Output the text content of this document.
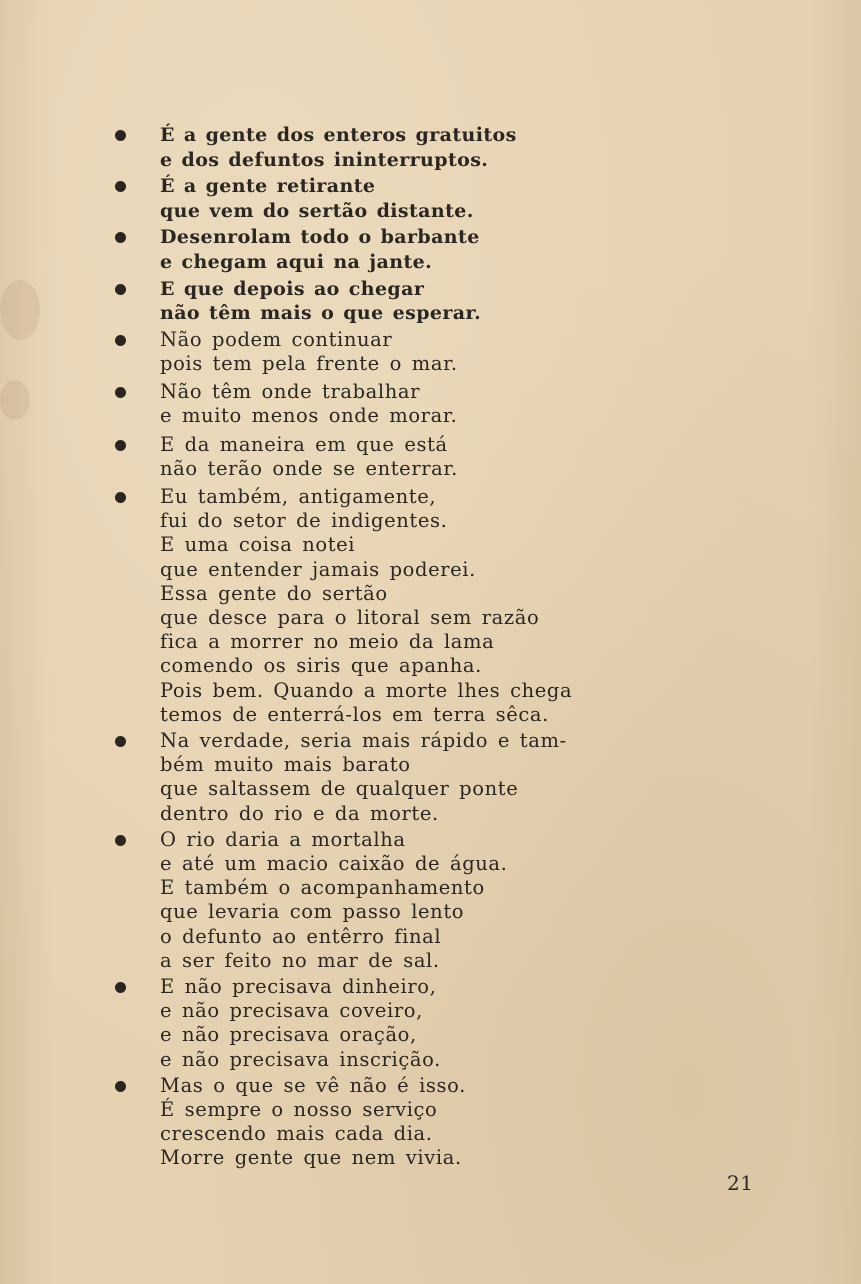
É a gente dos enteros gratuitos
e dos defuntos ininterruptos.
É a gente retirante
que vem do sertão distante.
Desenrolam todo o barbante
e chegam aqui na jante.
E que depois ao chegar
não têm mais o que esperar.
Não podem continuar
pois tem pela frente o mar.
Não têm onde trabalhar
e muito menos onde morar.
E da maneira em que está
não terão onde se enterrar.
Eu também, antigamente,
fui do setor de indigentes.
E uma coisa notei
que entender jamais poderei.
Essa gente do sertão
que desce para o litoral sem razão
fica a morrer no meio da lama
comendo os siris que apanha.
Pois bem. Quando a morte lhes chega
temos de enterrá-los em terra sêca.
Na verdade, seria mais rápido e tam-
bém muito mais barato
que saltassem de qualquer ponte
dentro do rio e da morte.
O rio daria a mortalha
e até um macio caixão de água.
E também o acompanhamento
que levaria com passo lento
o defunto ao entêrro final
a ser feito no mar de sal.
E não precisava dinheiro,
e não precisava coveiro,
e não precisava oração,
e não precisava inscrição.
Mas o que se vê não é isso.
É sempre o nosso serviço
crescendo mais cada dia.
Morre gente que nem vivia.
21
